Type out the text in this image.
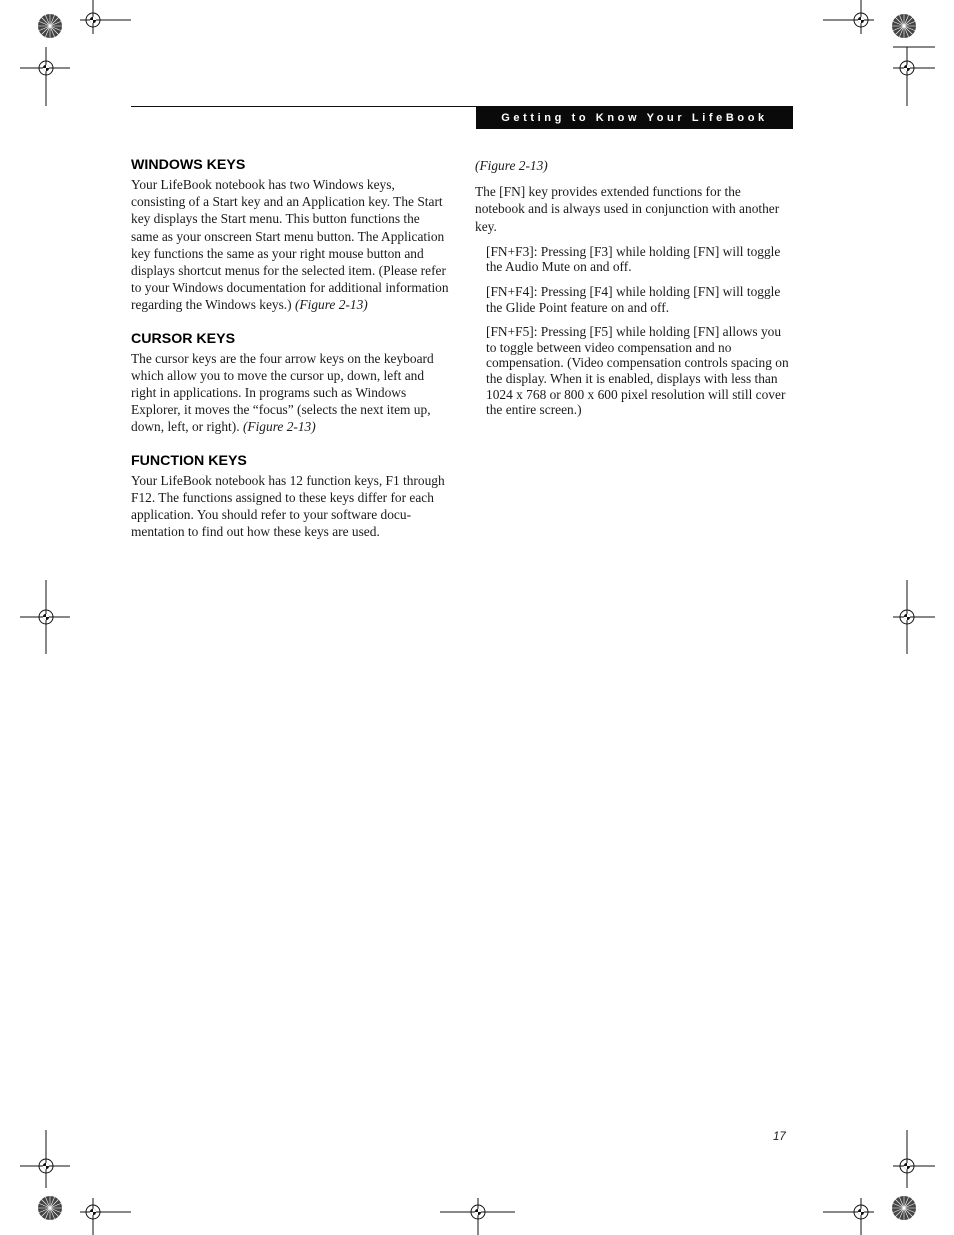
Getting to Know Your LifeBook
WINDOWS KEYS

Your LifeBook notebook has two Windows keys, consisting of a Start key and an Application key. The Start key displays the Start menu. This button functions the same as your onscreen Start menu button. The Application key functions the same as your right mouse button and displays shortcut menus for the selected item. (Please refer to your Windows documentation for additional information regarding the Windows keys.) (Figure 2-13)

CURSOR KEYS

The cursor keys are the four arrow keys on the keyboard which allow you to move the cursor up, down, left and right in applications. In programs such as Windows Explorer, it moves the “focus” (selects the next item up, down, left, or right). (Figure 2-13)

FUNCTION KEYS

Your LifeBook notebook has 12 function keys, F1 through F12. The functions assigned to these keys differ for each application. You should refer to your software docu-mentation to find out how these keys are used.

(Figure 2-13)

The [FN] key provides extended functions for the notebook and is always used in conjunction with another key.

[FN+F3]: Pressing [F3] while holding [FN] will toggle the Audio Mute on and off.

[FN+F4]: Pressing [F4] while holding [FN] will toggle the Glide Point feature on and off.

[FN+F5]: Pressing [F5] while holding [FN] allows you to toggle between video compensation and no compensation. (Video compensation controls spacing on the display. When it is enabled, displays with less than 1024 x 768 or 800 x 600 pixel resolution will still cover the entire screen.)

17
